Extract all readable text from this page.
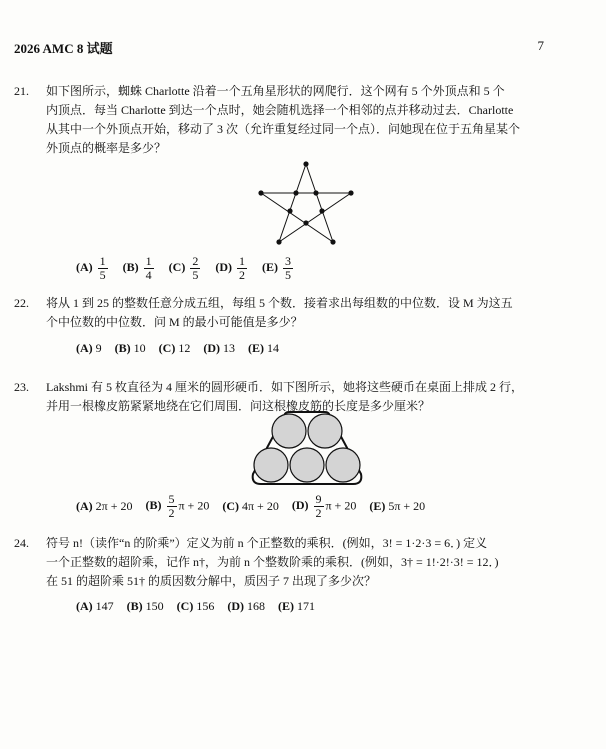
2026 AMC 8 试题	7
21. 如下图所示，蜘蛛 Charlotte 沿着一个五角星形状的网爬行．这个网有 5 个外顶点和 5 个
内顶点．每当 Charlotte 到达一个点时，她会随机选择一个相邻的点并移动过去．Charlotte
从其中一个外顶点开始，移动了 3 次（允许重复经过同一个点）．问她现在位于五角星某个
外顶点的概率是多少？
$(A) \frac{1}{5} (B) \frac{1}{4} (C) \frac{2}{5} (D) \frac{1}{2} (E) \frac{3}{5}$
22. 将从 1 到 25 的整数任意分成五组，每组 5 个数．接着求出每组数的中位数．设 M 为这五
个中位数的中位数．问 M 的最小可能值是多少？
(A) 9 (B) 10 (C) 12 (D) 13 (E) 14
23. Lakshmi 有 5 枚直径为 4 厘米的圆形硬币．如下图所示，她将这些硬币在桌面上排成 2 行，
并用一根橡皮筋紧紧地绕在它们周围．问这根橡皮筋的长度是多少厘米？
(A) 2π + 20 $(B) \frac{5}{2}$ π + 20 (C) 4π + 20 $(D) \frac{9}{2}$ π + 20 (E) 5π + 20
24. 符号 n!（读作“n 的阶乘”）定义为前 n 个正整数的乘积．(例如，3! = 1·2·3 = 6．) 定义
一个正整数的超阶乘，记作 n†，为前 n 个整数阶乘的乘积．(例如，3† = 1!·2!·3! = 12．)
在 51 的超阶乘 51† 的质因数分解中，质因子 7 出现了多少次？
(A) 147 (B) 150 (C) 156 (D) 168 (E) 171
